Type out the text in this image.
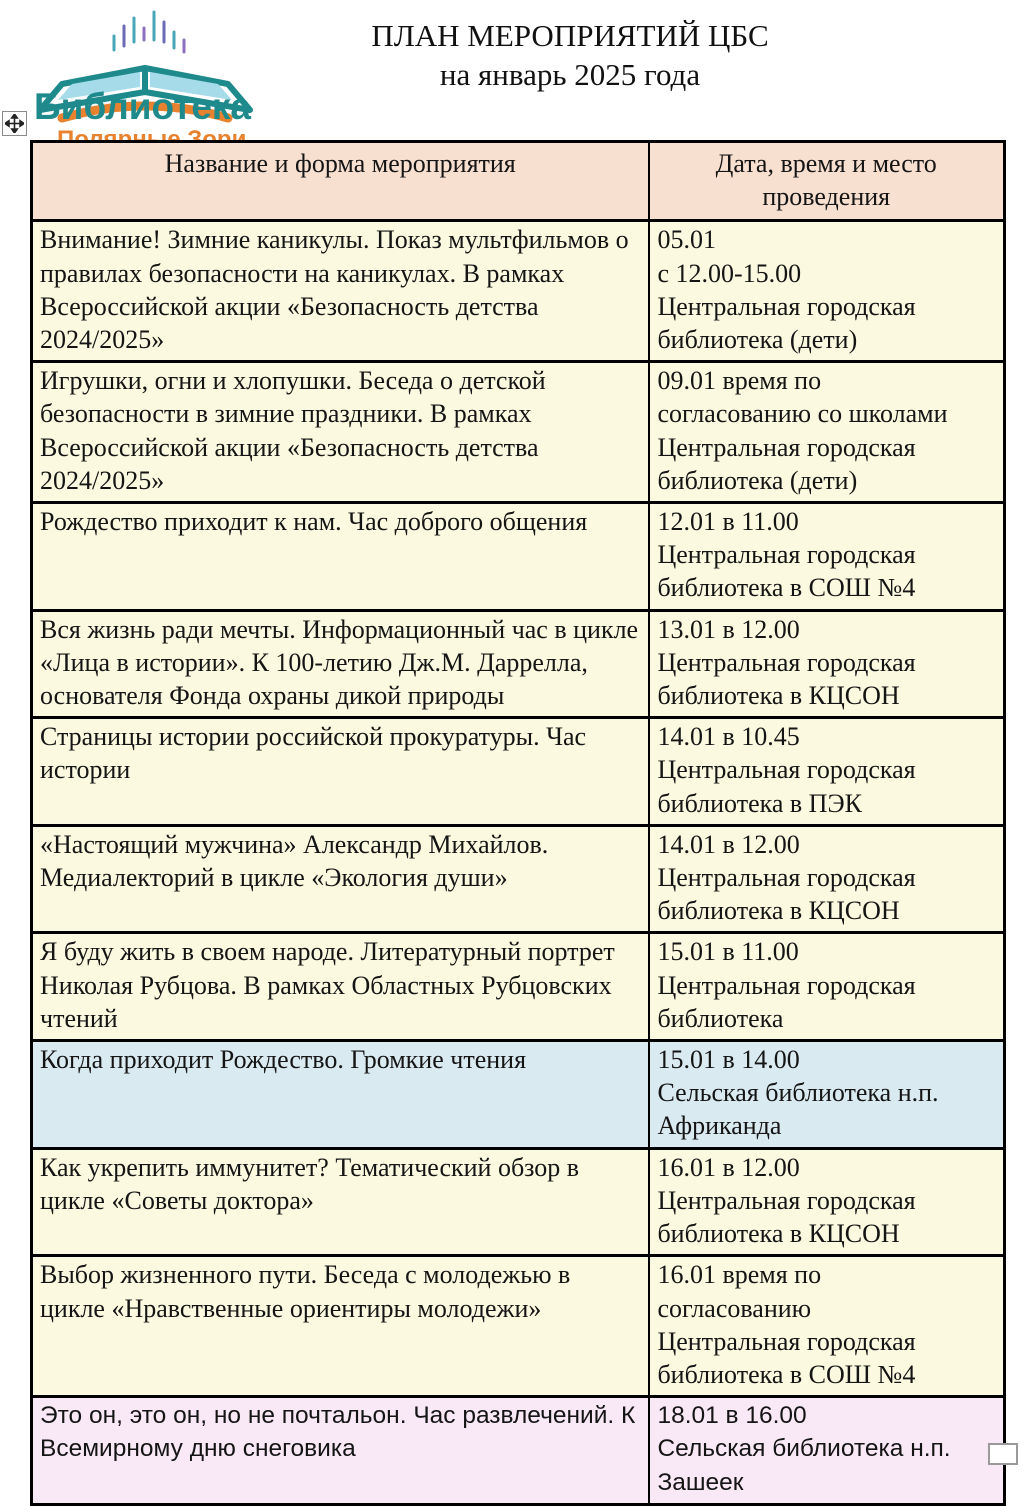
Библиотека
Полярные Зори
ПЛАН МЕРОПРИЯТИЙ ЦБС
на январь 2025 года
Название и форма мероприятия	Дата, время и место проведения
Внимание! Зимние каникулы. Показ мультфильмов о правилах безопасности на каникулах. В рамках Всероссийской акции «Безопасность детства 2024/2025»	05.01
с 12.00-15.00
Центральная городская
библиотека (дети)

Игрушки, огни и хлопушки. Беседа о детской безопасности в зимние праздники. В рамках Всероссийской акции «Безопасность детства 2024/2025»	09.01 время по
согласованию со школами
Центральная городская
библиотека (дети)

Рождество приходит к нам. Час доброго общения	12.01 в 11.00
Центральная городская
библиотека в СОШ №4

Вся жизнь ради мечты. Информационный час в цикле «Лица в истории». К 100-летию Дж.М. Даррелла, основателя Фонда охраны дикой природы	13.01 в 12.00
Центральная городская
библиотека в КЦСОН

Страницы истории российской прокуратуры. Час истории	14.01 в 10.45
Центральная городская
библиотека в ПЭК

«Настоящий мужчина» Александр Михайлов. Медиалекторий в цикле «Экология души»	14.01 в 12.00
Центральная городская
библиотека в КЦСОН

Я буду жить в своем народе. Литературный портрет Николая Рубцова. В рамках Областных Рубцовских чтений	15.01 в 11.00
Центральная городская
библиотека

Когда приходит Рождество. Громкие чтения	15.01 в 14.00
Сельская библиотека н.п.
Африканда

Как укрепить иммунитет? Тематический обзор в цикле «Советы доктора»	16.01 в 12.00
Центральная городская
библиотека в КЦСОН

Выбор жизненного пути. Беседа с молодежью в цикле «Нравственные ориентиры молодежи»	16.01 время по
согласованию
Центральная городская
библиотека в СОШ №4

Это он, это он, но не почтальон. Час развлечений. К Всемирному дню снеговика	18.01 в 16.00
Сельская библиотека н.п.
Зашеек
